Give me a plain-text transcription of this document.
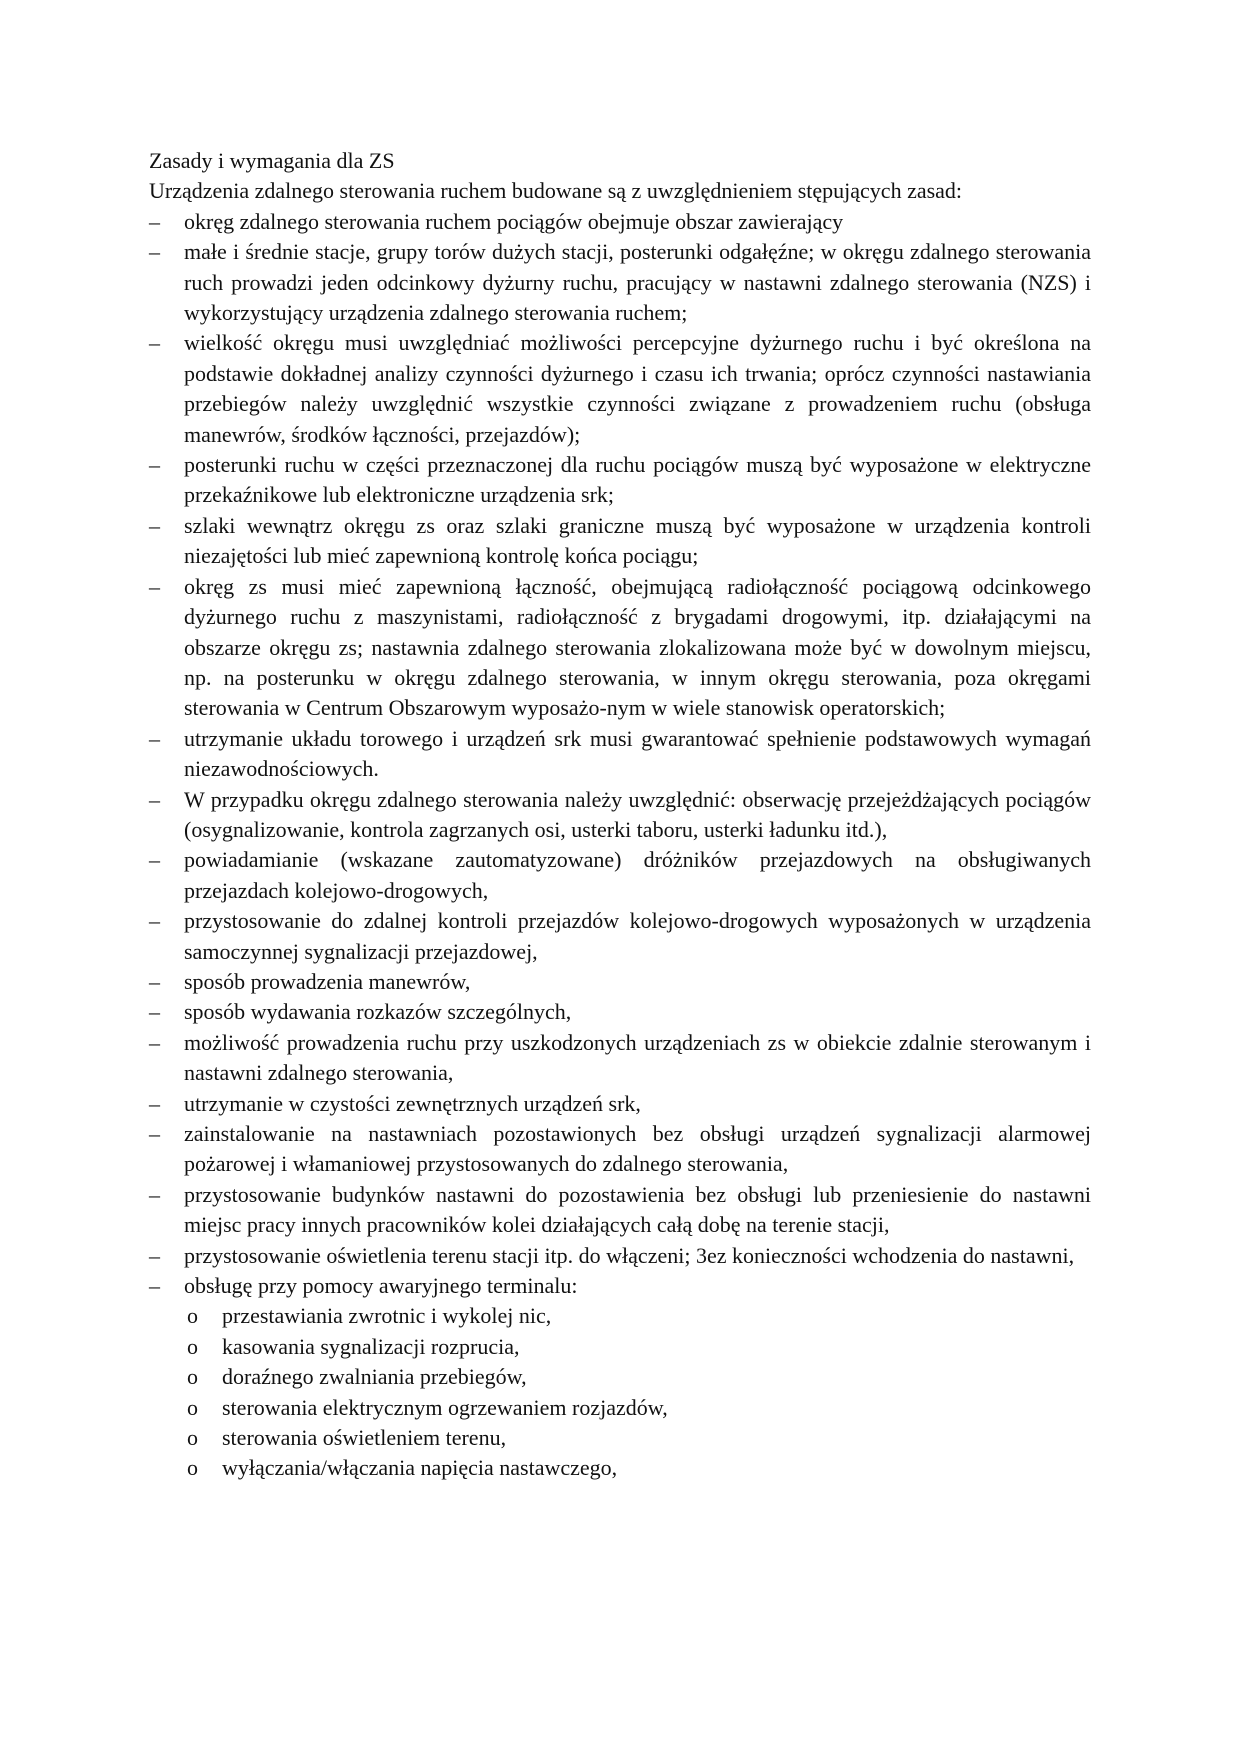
Zasady i wymagania dla ZS

Urządzenia zdalnego sterowania ruchem budowane są z uwzględnieniem stępujących zasad:

– okręg zdalnego sterowania ruchem pociągów obejmuje obszar zawierający
– małe i średnie stacje, grupy torów dużych stacji, posterunki odgałęźne; w okręgu zdalnego sterowania ruch prowadzi jeden odcinkowy dyżurny ruchu, pracujący w nastawni zdalnego sterowania (NZS) i wykorzystujący urządzenia zdalnego sterowania ruchem;
– wielkość okręgu musi uwzględniać możliwości percepcyjne dyżurnego ruchu i być określona na podstawie dokładnej analizy czynności dyżurnego i czasu ich trwania; oprócz czynności nastawiania przebiegów należy uwzględnić wszystkie czynności związane z prowadzeniem ruchu (obsługa manewrów, środków łączności, przejazdów);
– posterunki ruchu w części przeznaczonej dla ruchu pociągów muszą być wyposażone w elektryczne przekaźnikowe lub elektroniczne urządzenia srk;
– szlaki wewnątrz okręgu zs oraz szlaki graniczne muszą być wyposażone w urządzenia kontroli niezajętości lub mieć zapewnioną kontrolę końca pociągu;
– okręg zs musi mieć zapewnioną łączność, obejmującą radiołączność pociągową odcinkowego dyżurnego ruchu z maszynistami, radiołączność z brygadami drogowymi, itp. działającymi na obszarze okręgu zs; nastawnia zdalnego sterowania zlokalizowana może być w dowolnym miejscu, np. na posterunku w okręgu zdalnego sterowania, w innym okręgu sterowania, poza okręgami sterowania w Centrum Obszarowym wyposażo-nym w wiele stanowisk operatorskich;
– utrzymanie układu torowego i urządzeń srk musi gwarantować spełnienie podstawowych wymagań niezawodnościowych.
– W przypadku okręgu zdalnego sterowania należy uwzględnić: obserwację przejeżdżających pociągów (osygnalizowanie, kontrola zagrzanych osi, usterki taboru, usterki ładunku itd.),
– powiadamianie (wskazane zautomatyzowane) dróżników przejazdowych na obsługiwanych przejazdach kolejowo-drogowych,
– przystosowanie do zdalnej kontroli przejazdów kolejowo-drogowych wyposażonych w urządzenia samoczynnej sygnalizacji przejazdowej,
– sposób prowadzenia manewrów,
– sposób wydawania rozkazów szczególnych,
– możliwość prowadzenia ruchu przy uszkodzonych urządzeniach zs w obiekcie zdalnie sterowanym i nastawni zdalnego sterowania,
– utrzymanie w czystości zewnętrznych urządzeń srk,
– zainstalowanie na nastawniach pozostawionych bez obsługi urządzeń sygnalizacji alarmowej pożarowej i włamaniowej przystosowanych do zdalnego sterowania,
– przystosowanie budynków nastawni do pozostawienia bez obsługi lub przeniesienie do nastawni miejsc pracy innych pracowników kolei działających całą dobę na terenie stacji,
– przystosowanie oświetlenia terenu stacji itp. do włączeni; 3ez konieczności wchodzenia do nastawni,
– obsługę przy pomocy awaryjnego terminalu:
o przestawiania zwrotnic i wykolej nic,
o kasowania sygnalizacji rozprucia,
o doraźnego zwalniania przebiegów,
o sterowania elektrycznym ogrzewaniem rozjazdów,
o sterowania oświetleniem terenu,
o wyłączania/włączania napięcia nastawczego,
